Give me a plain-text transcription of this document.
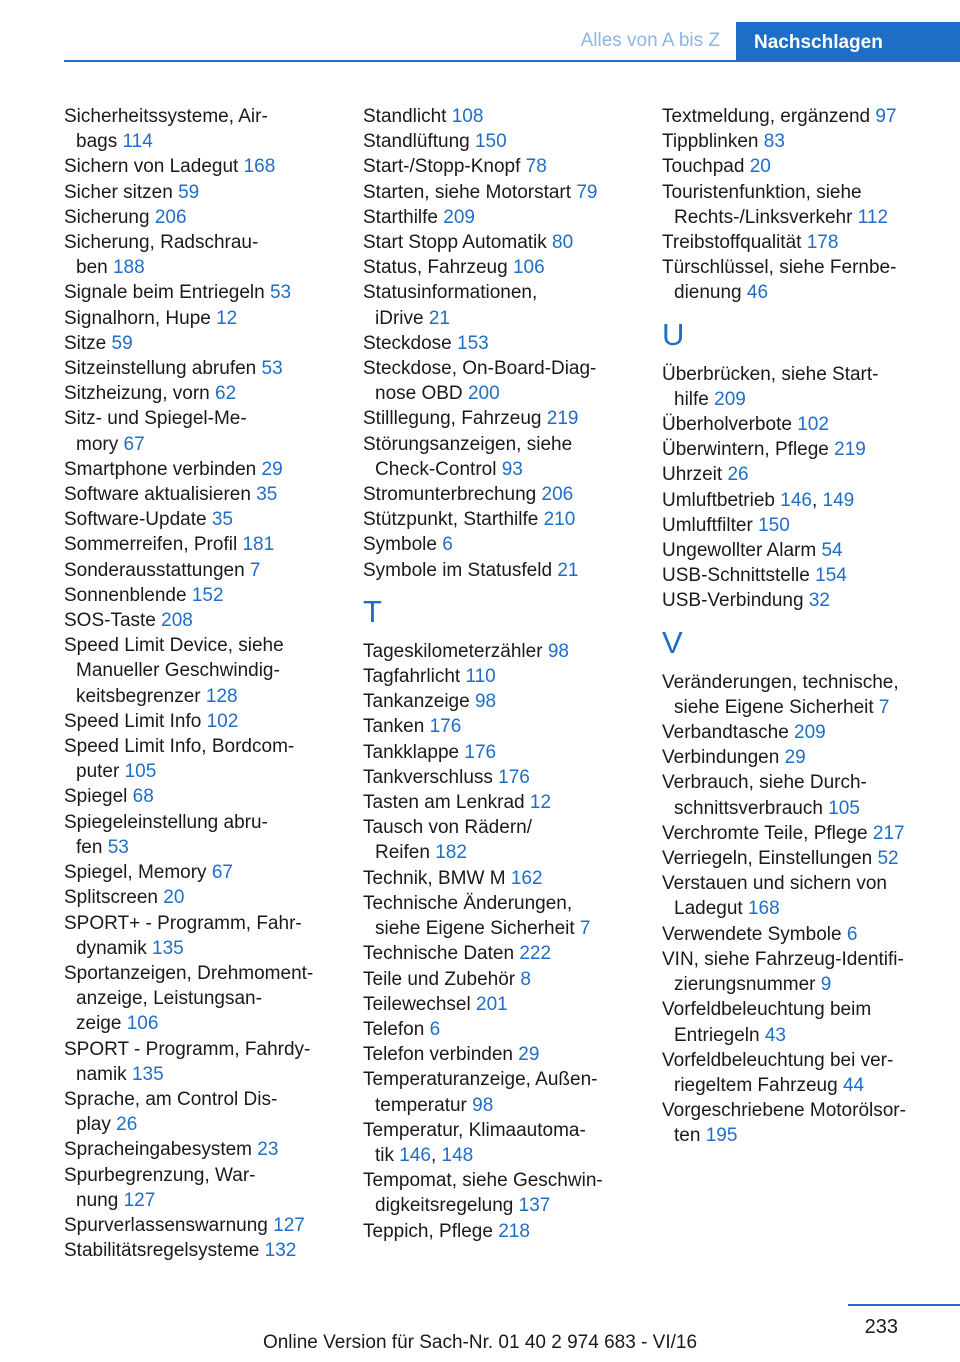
Alles von A bis Z	Nachschlagen
Sicherheitssysteme, Air-
bags 114
Sichern von Ladegut 168
Sicher sitzen 59
Sicherung 206
Sicherung, Radschrau-
ben 188
Signale beim Entriegeln 53
Signalhorn, Hupe 12
Sitze 59
Sitzeinstellung abrufen 53
Sitzheizung, vorn 62
Sitz- und Spiegel-Me-
mory 67
Smartphone verbinden 29
Software aktualisieren 35
Software-Update 35
Sommerreifen, Profil 181
Sonderausstattungen 7
Sonnenblende 152
SOS-Taste 208
Speed Limit Device, siehe
Manueller Geschwindig-
keitsbegrenzer 128
Speed Limit Info 102
Speed Limit Info, Bordcom-
puter 105
Spiegel 68
Spiegeleinstellung abru-
fen 53
Spiegel, Memory 67
Splitscreen 20
SPORT+ - Programm, Fahr-
dynamik 135
Sportanzeigen, Drehmoment-
anzeige, Leistungsan-
zeige 106
SPORT - Programm, Fahrdy-
namik 135
Sprache, am Control Dis-
play 26
Spracheingabesystem 23
Spurbegrenzung, War-
nung 127
Spurverlassenswarnung 127
Stabilitätsregelsysteme 132
Standlicht 108
Standlüftung 150
Start-/Stopp-Knopf 78
Starten, siehe Motorstart 79
Starthilfe 209
Start Stopp Automatik 80
Status, Fahrzeug 106
Statusinformationen,
iDrive 21
Steckdose 153
Steckdose, On-Board-Diag-
nose OBD 200
Stilllegung, Fahrzeug 219
Störungsanzeigen, siehe
Check-Control 93
Stromunterbrechung 206
Stützpunkt, Starthilfe 210
Symbole 6
Symbole im Statusfeld 21
T
Tageskilometerzähler 98
Tagfahrlicht 110
Tankanzeige 98
Tanken 176
Tankklappe 176
Tankverschluss 176
Tasten am Lenkrad 12
Tausch von Rädern/
Reifen 182
Technik, BMW M 162
Technische Änderungen,
siehe Eigene Sicherheit 7
Technische Daten 222
Teile und Zubehör 8
Teilewechsel 201
Telefon 6
Telefon verbinden 29
Temperaturanzeige, Außen-
temperatur 98
Temperatur, Klimaautoma-
tik 146, 148
Tempomat, siehe Geschwin-
digkeitsregelung 137
Teppich, Pflege 218
Textmeldung, ergänzend 97
Tippblinken 83
Touchpad 20
Touristenfunktion, siehe
Rechts-/Linksverkehr 112
Treibstoffqualität 178
Türschlüssel, siehe Fernbe-
dienung 46
U
Überbrücken, siehe Start-
hilfe 209
Überholverbote 102
Überwintern, Pflege 219
Uhrzeit 26
Umluftbetrieb 146, 149
Umluftfilter 150
Ungewollter Alarm 54
USB-Schnittstelle 154
USB-Verbindung 32
V
Veränderungen, technische,
siehe Eigene Sicherheit 7
Verbandtasche 209
Verbindungen 29
Verbrauch, siehe Durch-
schnittsverbrauch 105
Verchromte Teile, Pflege 217
Verriegeln, Einstellungen 52
Verstauen und sichern von
Ladegut 168
Verwendete Symbole 6
VIN, siehe Fahrzeug-Identifi-
zierungsnummer 9
Vorfeldbeleuchtung beim
Entriegeln 43
Vorfeldbeleuchtung bei ver-
riegeltem Fahrzeug 44
Vorgeschriebene Motorölsor-
ten 195
233
Online Version für Sach-Nr. 01 40 2 974 683 - VI/16
